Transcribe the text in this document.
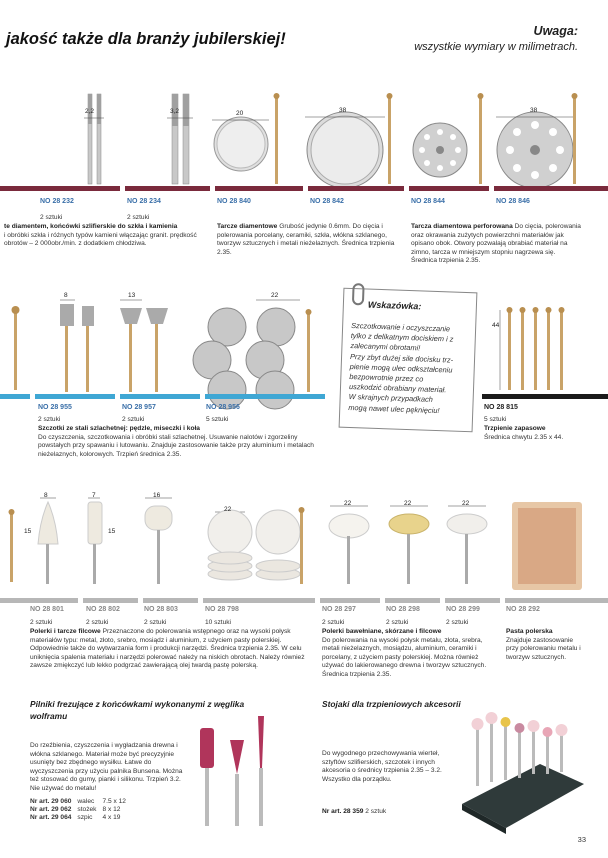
jakość także dla branży jubilerskiej!	Uwaga:
wszystkie wymiary w milimetrach.
2,2	3,2	20	38	38
NO 28 232	NO 28 234	NO 28 840	NO 28 842	NO 28 844	NO 28 846
2 sztuki	2 sztuki
te diamentem, końcówki szlifierskie do szkła i kamienia
i obróbki szkła i różnych typów kamieni włączając granit. prędkość obrotów – 2 000obr./min. z dodatkiem chłodziwa.
Tarcze diamentowe Grubość jedynie 0.6mm. Do cięcia i polerowania porcelany, ceramiki, szkła, włókna szklanego, tworzyw sztucznych i metali nieżelaznych. Średnica trzpienia 2.35.
Tarcza diamentowa perforowana Do cięcia, polerowania oraz okrawania zużytych powierzchni materiałów jak opisano obok. Otwory pozwalają obrabiać materiał na zimno, tarcza w mniejszym stopniu nagrzewa się. Średnica trzpienia 2.35.
8	13	22
44
Wskazówka:
Szczotkowanie i oczyszczanie
tylko z delikatnym dociskiem i z
zalecanymi obrotami!
Przy zbyt dużej sile docisku trz-
pienie mogą ulec odkształceniu
bezpowrotnie przez co
uszkodzić obrabiany materiał.
W skrajnych przypadkach
mogą nawet ulec pęknięciu!
NO 28 955	NO 28 957	NO 28 956	NO 28 815
2 sztuki	2 sztuki	5 sztuki	5 sztuki
Szczotki ze stali szlachetnej: pędzle, miseczki i koła
Do czyszczenia, szczotkowania i obróbki stali szlachetnej. Usuwanie nalotów i zgorzeliny powstałych przy spawaniu i lutowaniu. Znajduje zastosowanie także przy aluminium i metalach nieżelaznych, kolorowych. Trzpień średnica 2.35.
Trzpienie zapasowe
Średnica chwytu 2.35 x 44.
8	7	16
22
22	22	22
15	15
NO 28 801	NO 28 802	NO 28 803	NO 28 798	NO 28 297	NO 28 298	NO 28 299	NO 28 292
2 sztuki	2 sztuki	2 sztuki	10 sztuki	2 sztuki	2 sztuki	2 sztuki
Polerki i tarcze filcowe Przeznaczone do polerowania wstępnego oraz na wysoki połysk materiałów typu: metal, złoto, srebro, mosiądz i aluminium, z użyciem pasty polerskiej. Odpowiednie także do wytwarzania form i produkcji narzędzi. Średnica trzpienia 2.35. W celu uniknięcia spalenia materiału i narzędzi polerować należy na niskich obrotach. Należy również zawsze zmiękczyć lub lekko podgrzać zawierającą olej twardą pastę polerską.
Polerki bawełniane, skórzane i filcowe
Do polerowania na wysoki połysk metalu, złota, srebra, metali nieżelaznych, mosiądzu, aluminium, ceramiki i porcelany, z użyciem pasty polerskiej. Można również używać do lakierowanego drewna i tworzyw sztucznych. Średnica trzpienia 2.35.
Pasta polerska
Znajduje zastosowanie przy polerowaniu metalu i tworzyw sztucznych.
Pilniki frezujące z końcówkami wykonanymi z węglika wolframu
Stojaki dla trzpieniowych akcesorii
Do rzeźbienia, czyszczenia i wygładzania drewna i włókna szklanego. Materiał może być precyzyjnie usunięty bez zbędnego wysiłku. Łatwe do wyczyszczenia przy użyciu palnika Bunsena. Można też stosować do gumy, pianki i silikonu. Trzpień 3.2. Nie używać do metalu!
Nr art. 29 060	walec	7.5 x 12
Nr art. 29 062	stożek	8 x 12
Nr art. 29 064	szpic	4 x 19
Do wygodnego przechowywania wierteł, sztyftów szlifierskich, szczotek i innych akcesoria o średnicy trzpienia 2.35 – 3.2. Wszystko dla porządku.
Nr art. 28 359 2 sztuk
33
